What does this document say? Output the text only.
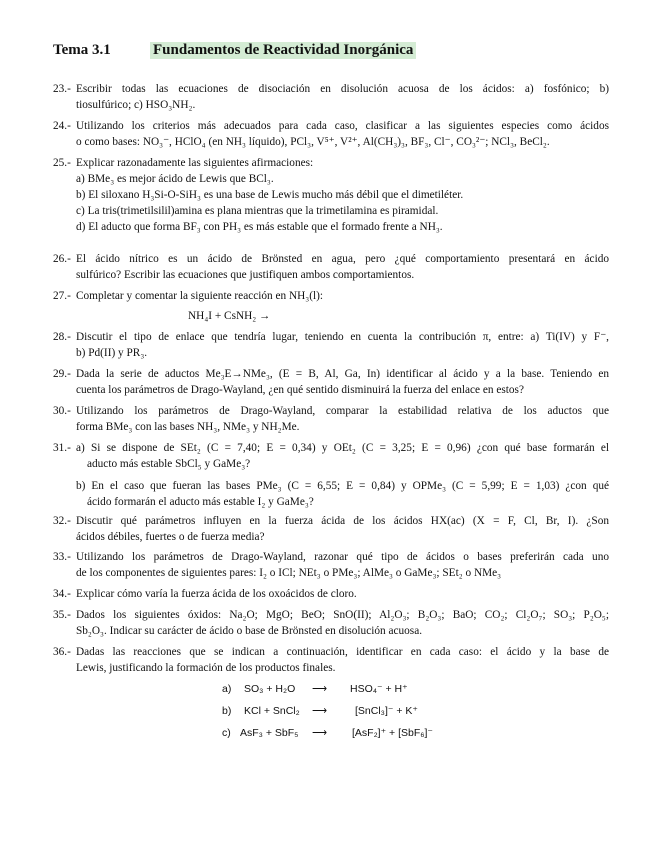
Tema 3.1	Fundamentos de Reactividad Inorgánica
23.- Escribir todas las ecuaciones de disociación en disolución acuosa de los ácidos: a) fosfónico; b)

tiosulfúrico; c) HSO₃NH₂.

24.- Utilizando los criterios más adecuados para cada caso, clasificar a las siguientes especies como ácidos

o como bases: NO₃⁻, HClO₄ (en NH₃ líquido), PCl₃, V⁵⁺, V²⁺, Al(CH₃)₃, BF₃, Cl⁻, CO₃²⁻; NCl₃, BeCl₂.

25.- Explicar razonadamente las siguientes afirmaciones:

a) BMe₃ es mejor ácido de Lewis que BCl₃.

b) El siloxano H₃Si-O-SiH₃ es una base de Lewis mucho más débil que el dimetiléter.

c) La tris(trimetilsilil)amina es plana mientras que la trimetilamina es piramidal.

d) El aducto que forma BF₃ con PH₃ es más estable que el formado frente a NH₃.

26.- El ácido nítrico es un ácido de Brönsted en agua, pero ¿qué comportamiento presentará en ácido

sulfúrico? Escribir las ecuaciones que justifiquen ambos comportamientos.

27.- Completar y comentar la siguiente reacción en NH₃(l):

NH₄I + CsNH₂ →

28.- Discutir el tipo de enlace que tendría lugar, teniendo en cuenta la contribución π, entre: a) Ti(IV) y F⁻,

b) Pd(II) y PR₃.

29.- Dada la serie de aductos Me₃E→NMe₃, (E = B, Al, Ga, In) identificar al ácido y a la base. Teniendo en

cuenta los parámetros de Drago-Wayland, ¿en qué sentido disminuirá la fuerza del enlace en estos?

30.- Utilizando los parámetros de Drago-Wayland, comparar la estabilidad relativa de los aductos que

forma BMe₃ con las bases NH₃, NMe₃ y NH₂Me.

31.- a) Si se dispone de SEt₂ (C = 7,40; E = 0,34) y OEt₂ (C = 3,25; E = 0,96) ¿con qué base formarán el

aducto más estable SbCl₅ y GaMe₃?

b) En el caso que fueran las bases PMe₃ (C = 6,55; E = 0,84) y OPMe₃ (C = 5,99; E = 1,03) ¿con qué

ácido formarán el aducto más estable I₂ y GaMe₃?

32.- Discutir qué parámetros influyen en la fuerza ácida de los ácidos HX(ac) (X = F, Cl, Br, I). ¿Son

ácidos débiles, fuertes o de fuerza media?

33.- Utilizando los parámetros de Drago-Wayland, razonar qué tipo de ácidos o bases preferirán cada uno

de los componentes de siguientes pares: I₂ o ICl; NEt₃ o PMe₃; AlMe₃ o GaMe₃; SEt₂ o NMe₃

34.- Explicar cómo varía la fuerza ácida de los oxoácidos de cloro.

35.- Dados los siguientes óxidos: Na₂O; MgO; BeO; SnO(II); Al₂O₃; B₂O₃; BaO; CO₂; Cl₂O₇; SO₃; P₂O₅;

Sb₂O₃. Indicar su carácter de ácido o base de Brönsted en disolución acuosa.

36.- Dadas las reacciones que se indican a continuación, identificar en cada caso: el ácido y la base de

Lewis, justificando la formación de los productos finales.

a) SO₃ + H₂O ⟶ HSO₄⁻ + H⁺
b) KCl + SnCl₂ ⟶	[SnCl₃]⁻ + K⁺
c) AsF₃ + SbF₅ ⟶ [AsF₂]⁺ + [SbF₆]⁻
